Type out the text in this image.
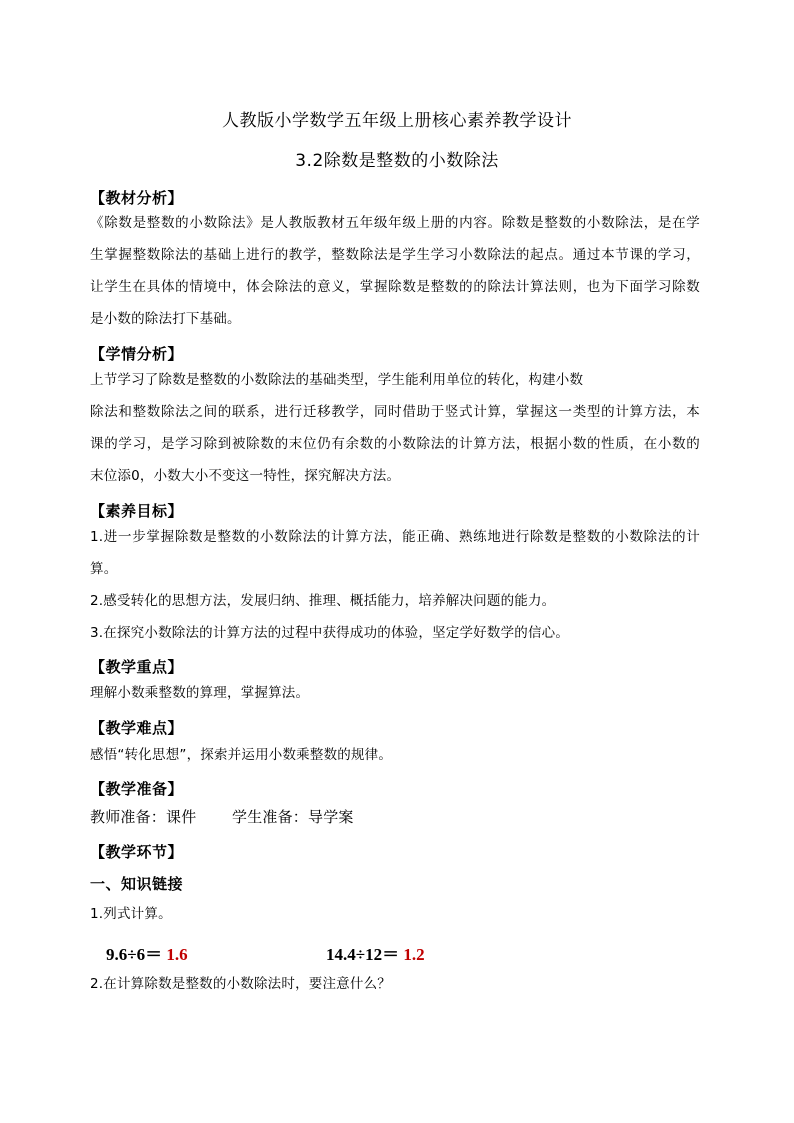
人教版小学数学五年级上册核心素养教学设计
3.2除数是整数的小数除法
【教材分析】
《除数是整数的小数除法》是人教版教材五年级年级上册的内容。除数是整数的小数除法，是在学
生掌握整数除法的基础上进行的教学，整数除法是学生学习小数除法的起点。通过本节课的学习，
让学生在具体的情境中，体会除法的意义，掌握除数是整数的的除法计算法则，也为下面学习除数
是小数的除法打下基础。
【学情分析】
上节学习了除数是整数的小数除法的基础类型，学生能利用单位的转化，构建小数
除法和整数除法之间的联系，进行迁移教学，同时借助于竖式计算，掌握这一类型的计算方法，本
课的学习，是学习除到被除数的末位仍有余数的小数除法的计算方法，根据小数的性质，在小数的
末位添0，小数大小不变这一特性，探究解决方法。
【素养目标】
1.进一步掌握除数是整数的小数除法的计算方法，能正确、熟练地进行除数是整数的小数除法的计
算。
2.感受转化的思想方法，发展归纳、推理、概括能力，培养解决问题的能力。
3.在探究小数除法的计算方法的过程中获得成功的体验，坚定学好数学的信心。
【教学重点】
理解小数乘整数的算理，掌握算法。
【教学难点】
感悟“转化思想”，探索并运用小数乘整数的规律。
【教学准备】
教师准备：课件 学生准备：导学案
【教学环节】
一、知识链接
1.列式计算。
9.6÷6＝ 1.6	14.4÷12＝ 1.2
2.在计算除数是整数的小数除法时，要注意什么？
